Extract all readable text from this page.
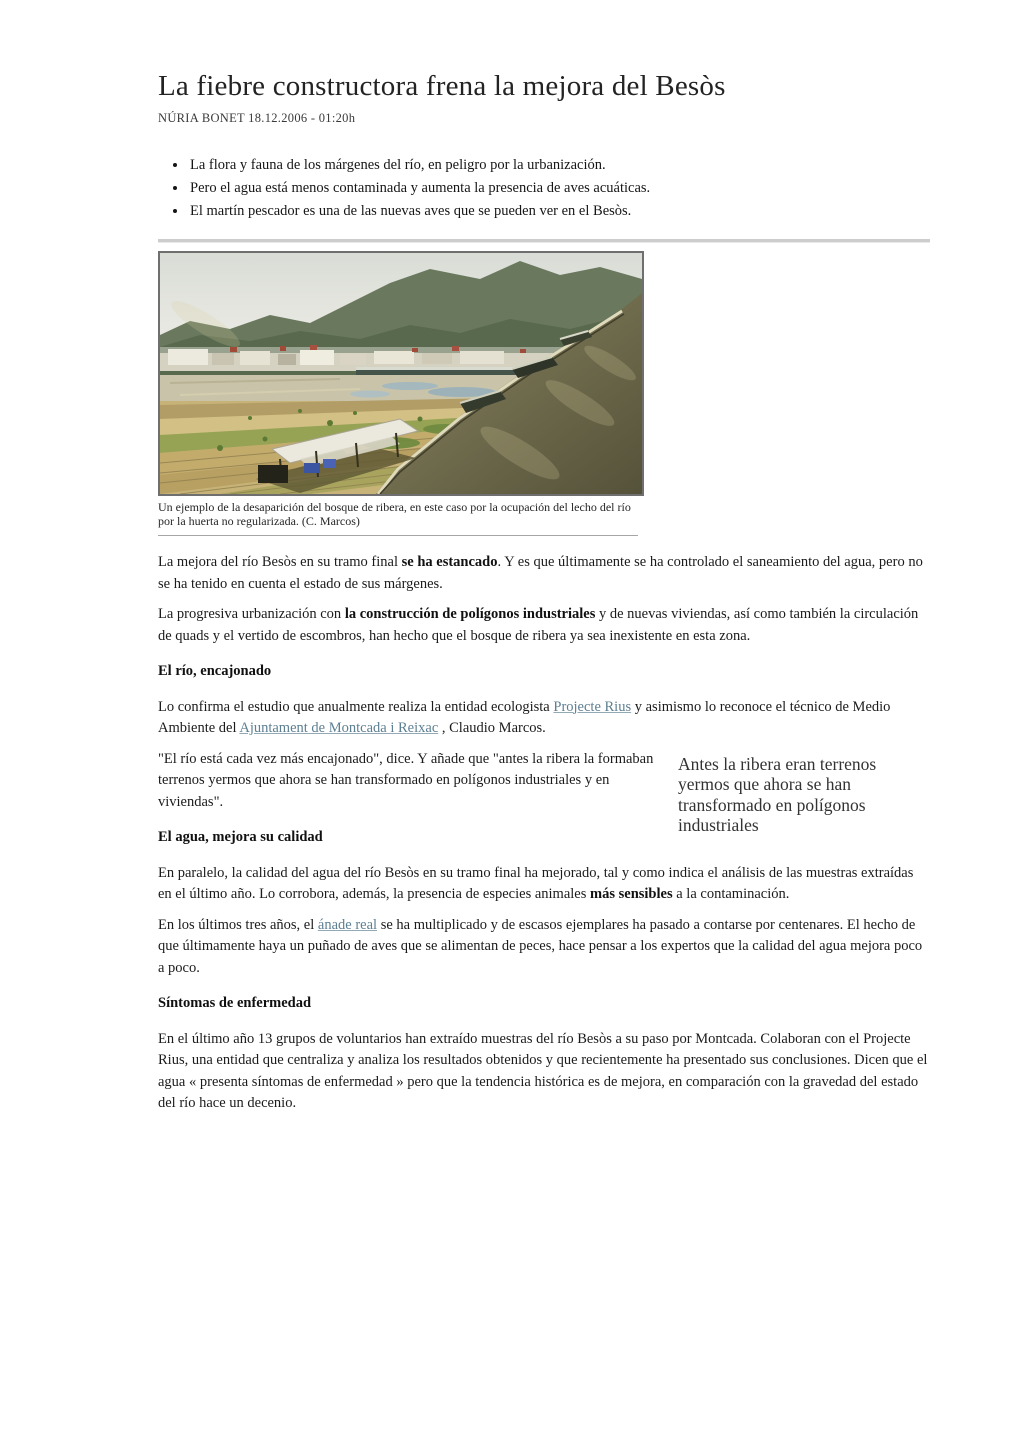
La fiebre constructora frena la mejora del Besòs
NÚRIA BONET 18.12.2006 - 01:20h
• La flora y fauna de los márgenes del río, en peligro por la urbanización.
• Pero el agua está menos contaminada y aumenta la presencia de aves acuáticas.
• El martín pescador es una de las nuevas aves que se pueden ver en el Besòs.
Un ejemplo de la desaparición del bosque de ribera, en este caso por la ocupación del lecho del río por la huerta no regularizada. (C. Marcos)

La mejora del río Besòs en su tramo final se ha estancado. Y es que últimamente se ha controlado el saneamiento del agua, pero no se ha tenido en cuenta el estado de sus márgenes.

La progresiva urbanización con la construcción de polígonos industriales y de nuevas viviendas, así como también la circulación de quads y el vertido de escombros, han hecho que el bosque de ribera ya sea inexistente en esta zona.

El río, encajonado

Lo confirma el estudio que anualmente realiza la entidad ecologista Projecte Rius y asimismo lo reconoce el técnico de Medio Ambiente del Ajuntament de Montcada i Reixac , Claudio Marcos.

Antes la ribera eran terrenos yermos que ahora se han transformado en polígonos industriales

"El río está cada vez más encajonado", dice. Y añade que "antes la ribera la formaban terrenos yermos que ahora se han transformado en polígonos industriales y en viviendas".

El agua, mejora su calidad

En paralelo, la calidad del agua del río Besòs en su tramo final ha mejorado, tal y como indica el análisis de las muestras extraídas en el último año. Lo corrobora, además, la presencia de especies animales más sensibles a la contaminación.

En los últimos tres años, el ánade real se ha multiplicado y de escasos ejemplares ha pasado a contarse por centenares. El hecho de que últimamente haya un puñado de aves que se alimentan de peces, hace pensar a los expertos que la calidad del agua mejora poco a poco.

Síntomas de enfermedad

En el último año 13 grupos de voluntarios han extraído muestras del río Besòs a su paso por Montcada. Colaboran con el Projecte Rius, una entidad que centraliza y analiza los resultados obtenidos y que recientemente ha presentado sus conclusiones. Dicen que el agua « presenta síntomas de enfermedad » pero que la tendencia histórica es de mejora, en comparación con la gravedad del estado del río hace un decenio.
